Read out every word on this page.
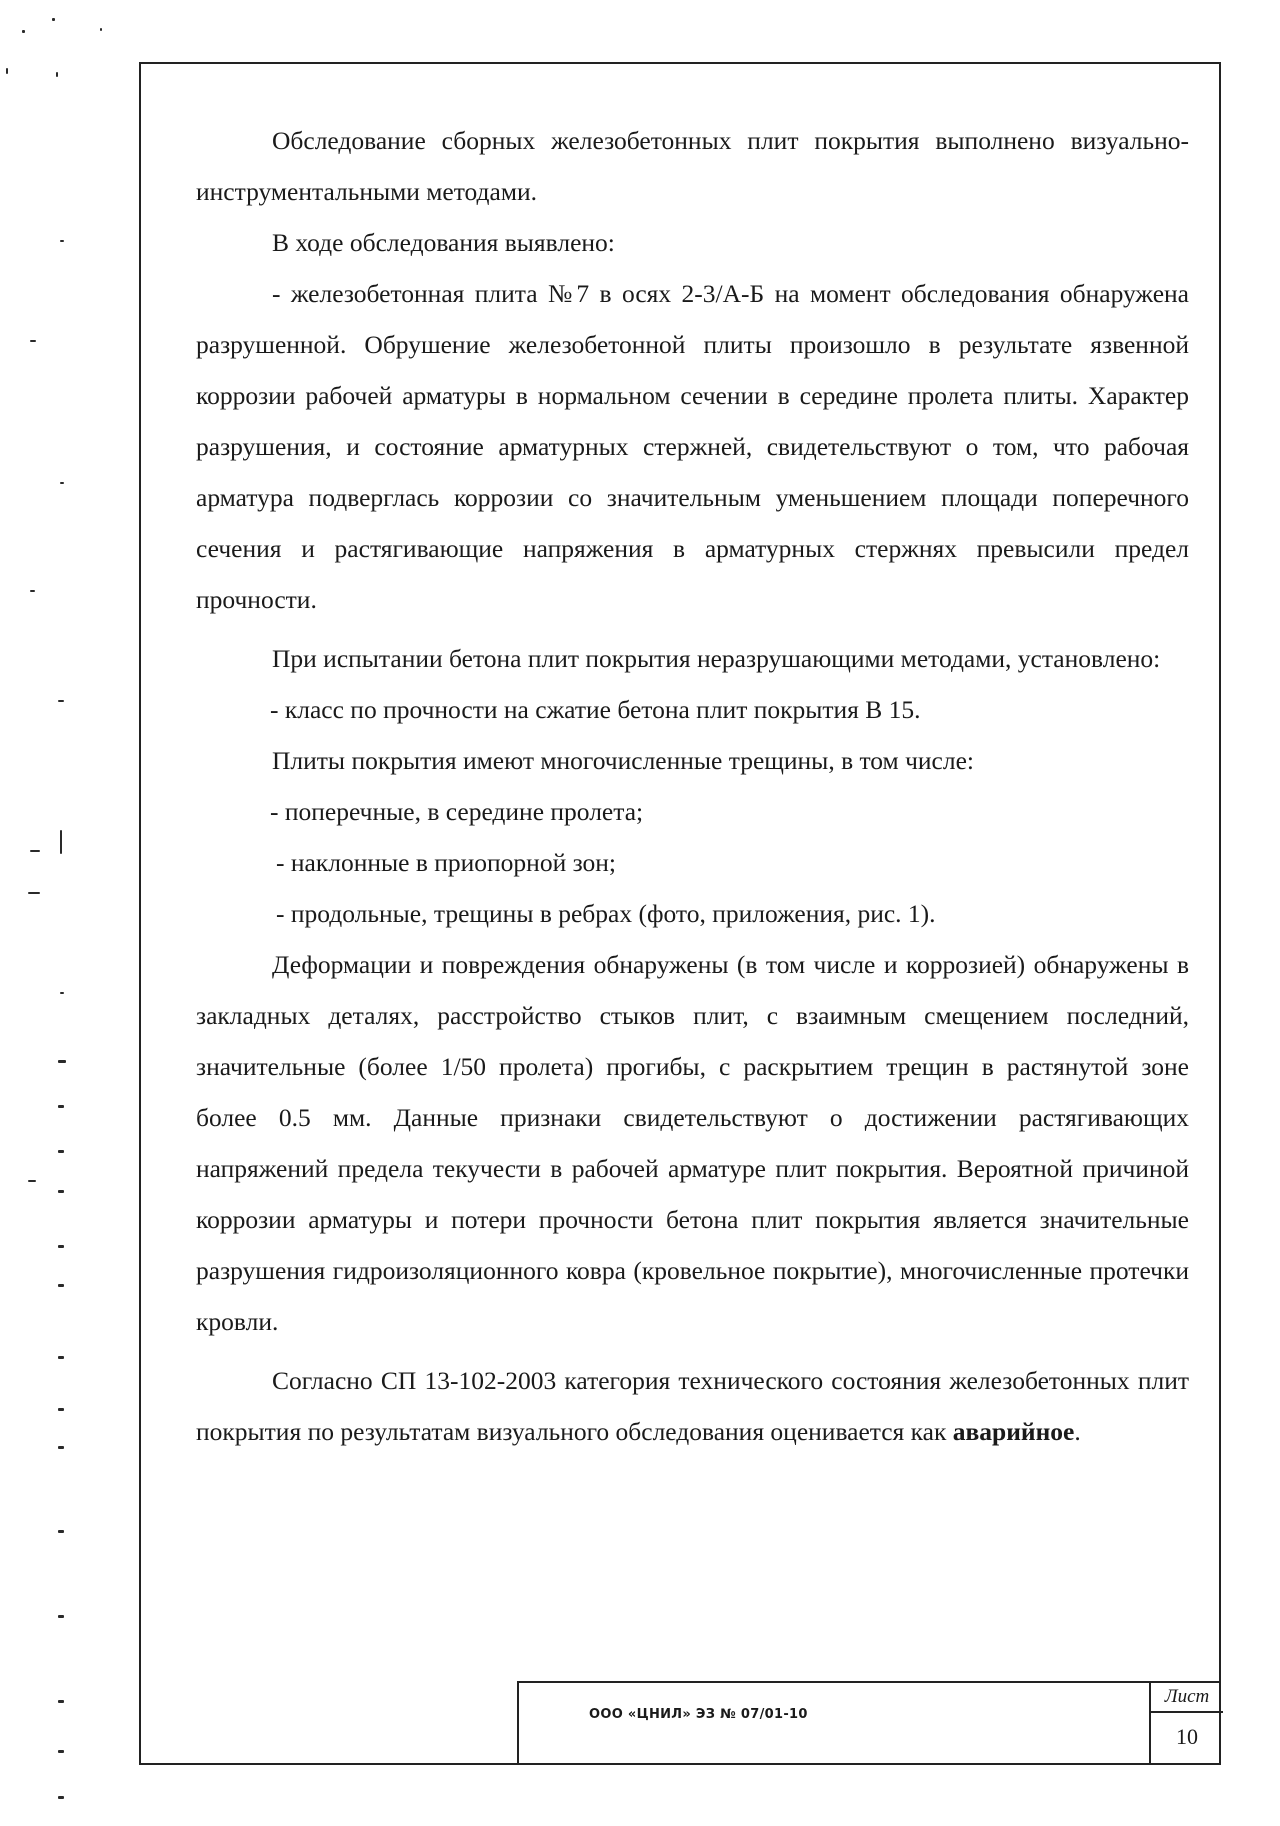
Обследование сборных железобетонных плит покрытия выполнено визуально-инструментальными методами.

В ходе обследования выявлено:

- железобетонная плита №7 в осях 2-3/А-Б на момент обследования обнаружена разрушенной. Обрушение железобетонной плиты произошло в результате язвенной коррозии рабочей арматуры в нормальном сечении в середине пролета плиты. Характер разрушения, и состояние арматурных стержней, свидетельствуют о том, что рабочая арматура подверглась коррозии со значительным уменьшением площади поперечного сечения и растягивающие напряжения в арматурных стержнях превысили предел прочности.

При испытании бетона плит покрытия неразрушающими методами, установлено:

- класс по прочности на сжатие бетона плит покрытия В 15.

Плиты покрытия имеют многочисленные трещины, в том числе:

- поперечные, в середине пролета;

- наклонные в приопорной зон;

- продольные, трещины в ребрах (фото, приложения, рис. 1).

Деформации и повреждения обнаружены (в том числе и коррозией) обнаружены в закладных деталях, расстройство стыков плит, с взаимным смещением последний, значительные (более 1/50 пролета) прогибы, с раскрытием трещин в растянутой зоне более 0.5 мм. Данные признаки свидетельствуют о достижении растягивающих напряжений предела текучести в рабочей арматуре плит покрытия. Вероятной причиной коррозии арматуры и потери прочности бетона плит покрытия является значительные разрушения гидроизоляционного ковра (кровельное покрытие), многочисленные протечки кровли.

Согласно СП 13-102-2003 категория технического состояния железобетонных плит покрытия по результатам визуального обследования оценивается как аварийное.

ООО «ЦНИЛ» ЭЗ № 07/01-10
Лист
10
